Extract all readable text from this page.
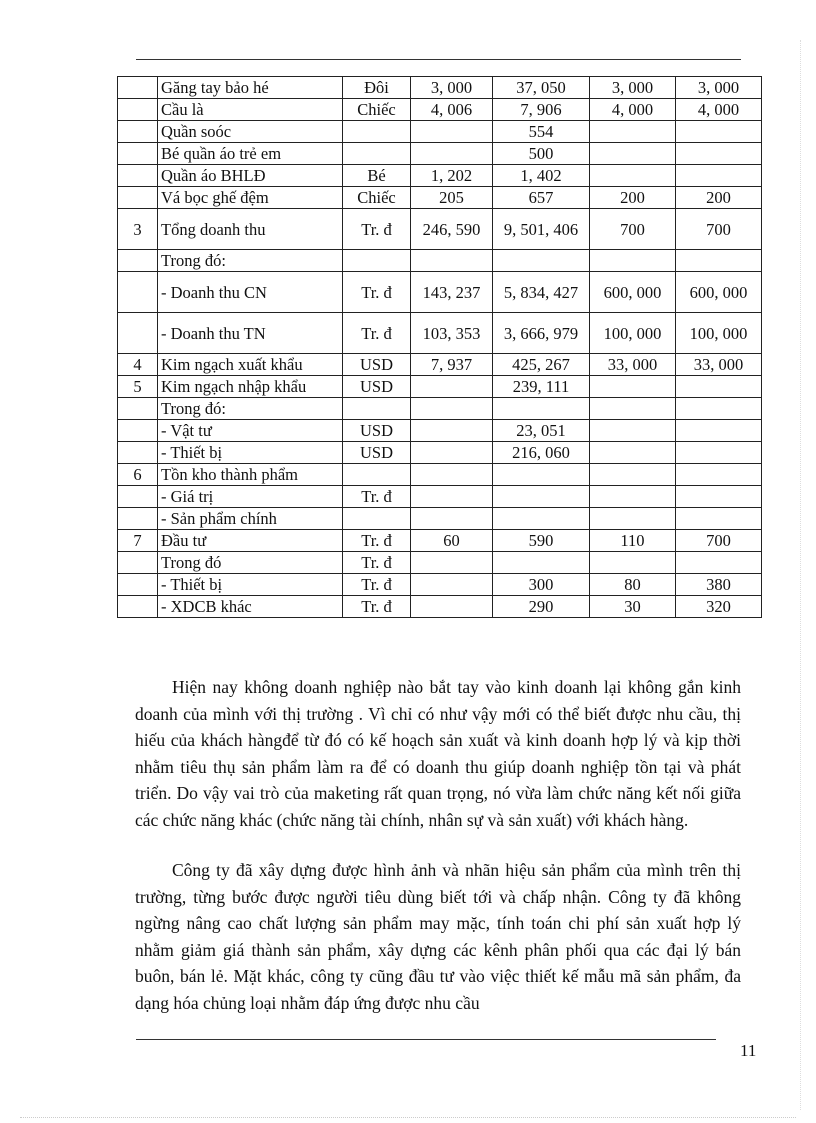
	Găng tay bảo hé	Đôi	3, 000	37, 050	3, 000	3, 000
	Cầu là	Chiếc	4, 006	7, 906	4, 000	4, 000
	Quần soóc			554		
	Bé quần áo trẻ em			500		
	Quần áo BHLĐ	Bé	1, 202	1, 402		
	Vá bọc ghế đệm	Chiếc	205	657	200	200
3	Tổng doanh thu	Tr. đ	246, 590	9, 501, 406	700	700
	Trong đó:					
	- Doanh thu CN	Tr. đ	143, 237	5, 834, 427	600, 000	600, 000
	- Doanh thu TN	Tr. đ	103, 353	3, 666, 979	100, 000	100, 000
4	Kim ngạch xuất khẩu	USD	7, 937	425, 267	33, 000	33, 000
5	Kim ngạch nhập khẩu	USD		239, 111		
	Trong đó:					
	- Vật tư	USD		23, 051		
	- Thiết bị	USD		216, 060		
6	Tồn kho thành phẩm					
	- Giá trị	Tr. đ				
	- Sản phẩm chính					
7	Đầu tư	Tr. đ	60	590	110	700
	Trong đó	Tr. đ				
	- Thiết bị	Tr. đ		300	80	380
	- XDCB khác	Tr. đ		290	30	320

Hiện nay không doanh nghiệp nào bắt tay vào kinh doanh lại không gắn kinh doanh của mình với thị trường . Vì chỉ có như vậy mới có thể biết được nhu cầu, thị hiếu của khách hàngđể từ đó có kế hoạch sản xuất và kinh doanh hợp lý và kịp thời nhằm tiêu thụ sản phẩm làm ra để có doanh thu giúp doanh nghiệp tồn tại và phát triển. Do vậy vai trò của maketing rất quan trọng, nó vừa làm chức năng kết nối giữa các chức năng khác (chức năng tài chính, nhân sự và sản xuất) với khách hàng.

Công ty đã xây dựng được hình ảnh và nhãn hiệu sản phẩm của mình trên thị trường, từng bước được người tiêu dùng biết tới và chấp nhận. Công ty đã không ngừng nâng cao chất lượng sản phẩm may mặc, tính toán chi phí sản xuất hợp lý nhằm giảm giá thành sản phẩm, xây dựng các kênh phân phối qua các đại lý bán buôn, bán lẻ. Mặt khác, công ty cũng đầu tư vào việc thiết kế mẫu mã sản phẩm, đa dạng hóa chủng loại nhằm đáp ứng được nhu cầu

11
